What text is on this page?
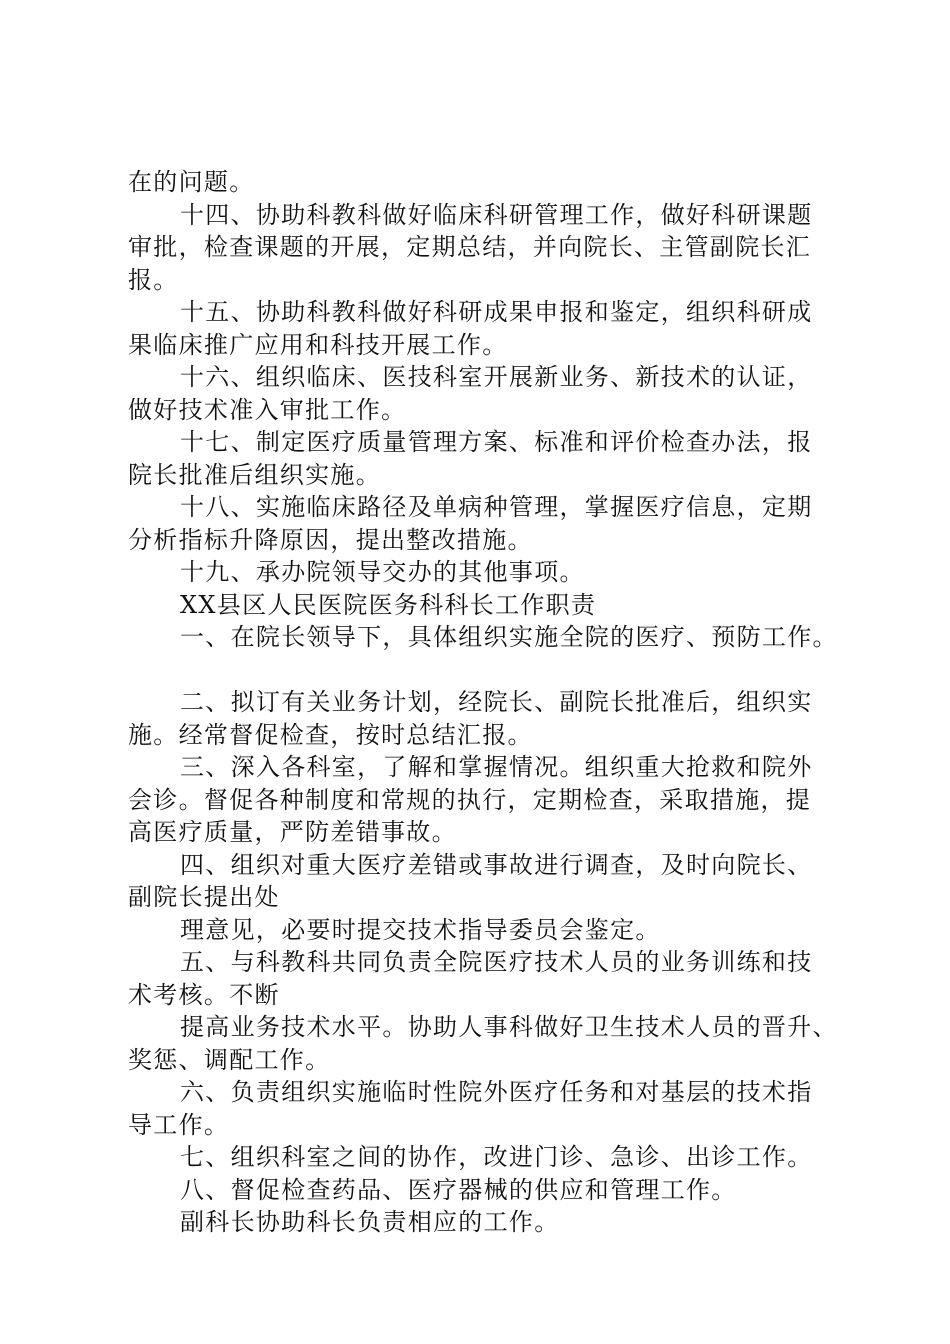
在的问题。
十四、协助科教科做好临床科研管理工作，做好科研课题
审批，检查课题的开展，定期总结，并向院长、主管副院长汇
报。
十五、协助科教科做好科研成果申报和鉴定，组织科研成
果临床推广应用和科技开展工作。
十六、组织临床、医技科室开展新业务、新技术的认证，
做好技术准入审批工作。
十七、制定医疗质量管理方案、标准和评价检查办法，报
院长批准后组织实施。
十八、实施临床路径及单病种管理，掌握医疗信息，定期
分析指标升降原因，提出整改措施。
十九、承办院领导交办的其他事项。
XX县区人民医院医务科科长工作职责
一、在院长领导下，具体组织实施全院的医疗、预防工作。
二、拟订有关业务计划，经院长、副院长批准后，组织实
施。经常督促检查，按时总结汇报。
三、深入各科室，了解和掌握情况。组织重大抢救和院外
会诊。督促各种制度和常规的执行，定期检查，采取措施，提
高医疗质量，严防差错事故。
四、组织对重大医疗差错或事故进行调查，及时向院长、
副院长提出处
理意见，必要时提交技术指导委员会鉴定。
五、与科教科共同负责全院医疗技术人员的业务训练和技
术考核。不断
提高业务技术水平。协助人事科做好卫生技术人员的晋升、
奖惩、调配工作。
六、负责组织实施临时性院外医疗任务和对基层的技术指
导工作。
七、组织科室之间的协作，改进门诊、急诊、出诊工作。
八、督促检查药品、医疗器械的供应和管理工作。
副科长协助科长负责相应的工作。
